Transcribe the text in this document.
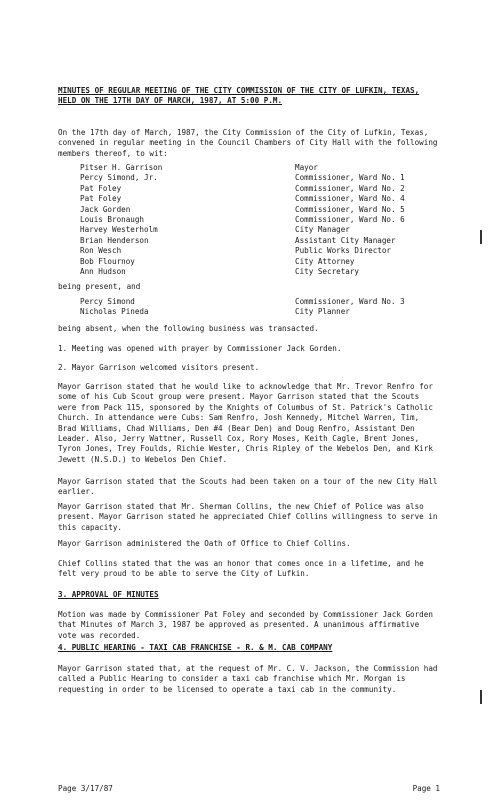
MINUTES OF REGULAR MEETING OF THE CITY COMMISSION OF THE CITY OF LUFKIN, TEXAS, HELD ON THE 17TH DAY OF MARCH, 1987, AT 5:00 P.M.

On the 17th day of March, 1987, the City Commission of the City of Lufkin, Texas, convened in regular meeting in the Council Chambers of City Hall with the following members thereof, to wit:

Pitser H. Garrison	Mayor
Percy Simond, Jr.	Commissioner, Ward No. 1
Pat Foley	Commissioner, Ward No. 2
Pat Foley	Commissioner, Ward No. 4
Jack Gorden	Commissioner, Ward No. 5
Louis Bronaugh	Commissioner, Ward No. 6
Harvey Westerholm	City Manager
Brian Henderson	Assistant City Manager
Ron Wesch	Public Works Director
Bob Flournoy	City Attorney
Ann Hudson	City Secretary

being present, and

Percy Simond	Commissioner, Ward No. 3
Nicholas Pineda	City Planner

being absent, when the following business was transacted.

1. Meeting was opened with prayer by Commissioner Jack Gorden.

2. Mayor Garrison welcomed visitors present.

Mayor Garrison stated that he would like to acknowledge that Mr. Trevor Renfro for some of his Cub Scout group were present. Mayor Garrison stated that the Scouts were from Pack 115, sponsored by the Knights of Columbus of St. Patrick's Catholic Church. In attendance were Cubs: Sam Renfro, Josh Kennedy, Mitchel Warren, Tim, Brad Williams, Chad Williams, Den #4 (Bear Den) and Doug Renfro, Assistant Den Leader. Also, Jerry Wattner, Russell Cox, Rory Moses, Keith Cagle, Brent Jones, Tyron Jones, Trey Foulds, Richie Wester, Chris Ripley of the Webelos Den, and Kirk Jewett (N.S.D.) to Webelos Den Chief.

Mayor Garrison stated that the Scouts had been taken on a tour of the new City Hall earlier.

Mayor Garrison stated that Mr. Sherman Collins, the new Chief of Police was also present. Mayor Garrison stated he appreciated Chief Collins willingness to serve in this capacity.

Mayor Garrison administered the Oath of Office to Chief Collins.

Chief Collins stated that the was an honor that comes once in a lifetime, and he felt very proud to be able to serve the City of Lufkin.

3. APPROVAL OF MINUTES

Motion was made by Commissioner Pat Foley and seconded by Commissioner Jack Gorden that Minutes of March 3, 1987 be approved as presented. A unanimous affirmative vote was recorded.

4. PUBLIC HEARING - TAXI CAB FRANCHISE - R. & M. CAB COMPANY

Mayor Garrison stated that, at the request of Mr. C. V. Jackson, the Commission had called a Public Hearing to consider a taxi cab franchise which Mr. Morgan is requesting in order to be licensed to operate a taxi cab in the community.

Page 3/17/87	Page 1
